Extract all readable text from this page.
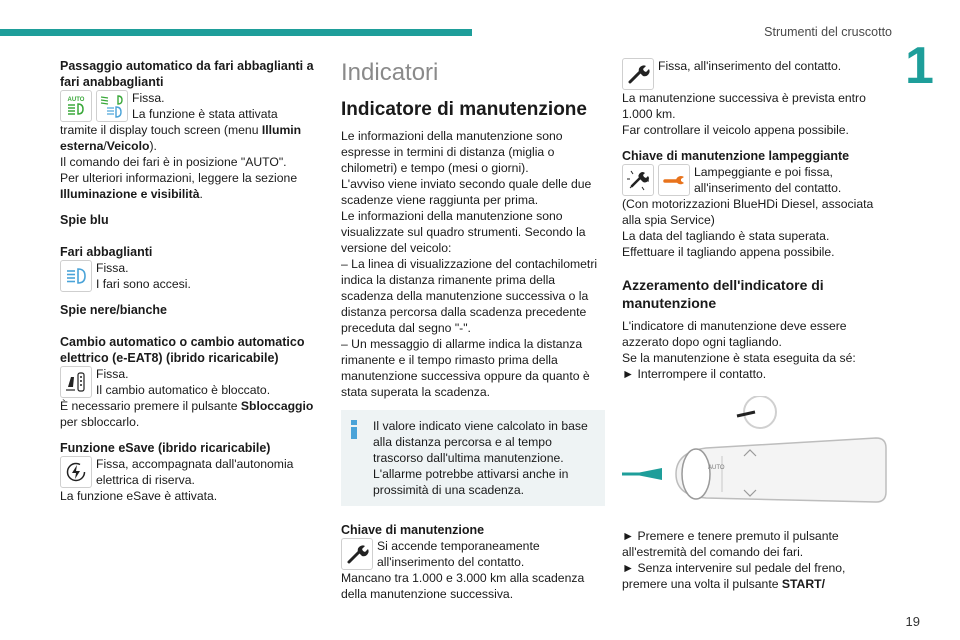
Strumenti del cruscotto
1
19

Passaggio automatico da fari abbaglianti a fari anabbaglianti

AUTO	Fissa.

La funzione è stata attivata

tramite il display touch screen (menu Illumin esterna/Veicolo).

Il comando dei fari è in posizione "AUTO".

Per ulteriori informazioni, leggere la sezione Illuminazione e visibilità.

Spie blu

Fari abbaglianti

Fissa.

I fari sono accesi.

Spie nere/bianche

Cambio automatico o cambio automatico elettrico (e-EAT8) (ibrido ricaricabile)

Fissa.

Il cambio automatico è bloccato.

È necessario premere il pulsante Sbloccaggio per sbloccarlo.

Funzione eSave (ibrido ricaricabile)

Fissa, accompagnata dall'autonomia elettrica di riserva.

La funzione eSave è attivata.

Indicatori

Indicatore di manutenzione

Le informazioni della manutenzione sono espresse in termini di distanza (miglia o chilometri) e tempo (mesi o giorni).

L'avviso viene inviato secondo quale delle due scadenze viene raggiunta per prima.

Le informazioni della manutenzione sono visualizzate sul quadro strumenti. Secondo la versione del veicolo:

– La linea di visualizzazione del contachilometri indica la distanza rimanente prima della scadenza della manutenzione successiva o la distanza percorsa dalla scadenza precedente preceduta dal segno "-".

– Un messaggio di allarme indica la distanza rimanente e il tempo rimasto prima della manutenzione successiva oppure da quanto è stata superata la scadenza.

Il valore indicato viene calcolato in base alla distanza percorsa e al tempo trascorso dall'ultima manutenzione. L'allarme potrebbe attivarsi anche in prossimità di una scadenza.

Chiave di manutenzione

Si accende temporaneamente all'inserimento del contatto.

Mancano tra 1.000 e 3.000 km alla scadenza della manutenzione successiva.

Fissa, all'inserimento del contatto.

La manutenzione successiva è prevista entro 1.000 km.

Far controllare il veicolo appena possibile.

Chiave di manutenzione lampeggiante

Lampeggiante e poi fissa, all'inserimento del contatto.

(Con motorizzazioni BlueHDi Diesel, associata alla spia Service)

La data del tagliando è stata superata.

Effettuare il tagliando appena possibile.

Azzeramento dell'indicatore di manutenzione

L'indicatore di manutenzione deve essere azzerato dopo ogni tagliando.

Se la manutenzione è stata eseguita da sé:

► Interrompere il contatto.

AUTO

► Premere e tenere premuto il pulsante all'estremità del comando dei fari.

► Senza intervenire sul pedale del freno, premere una volta il pulsante START/
